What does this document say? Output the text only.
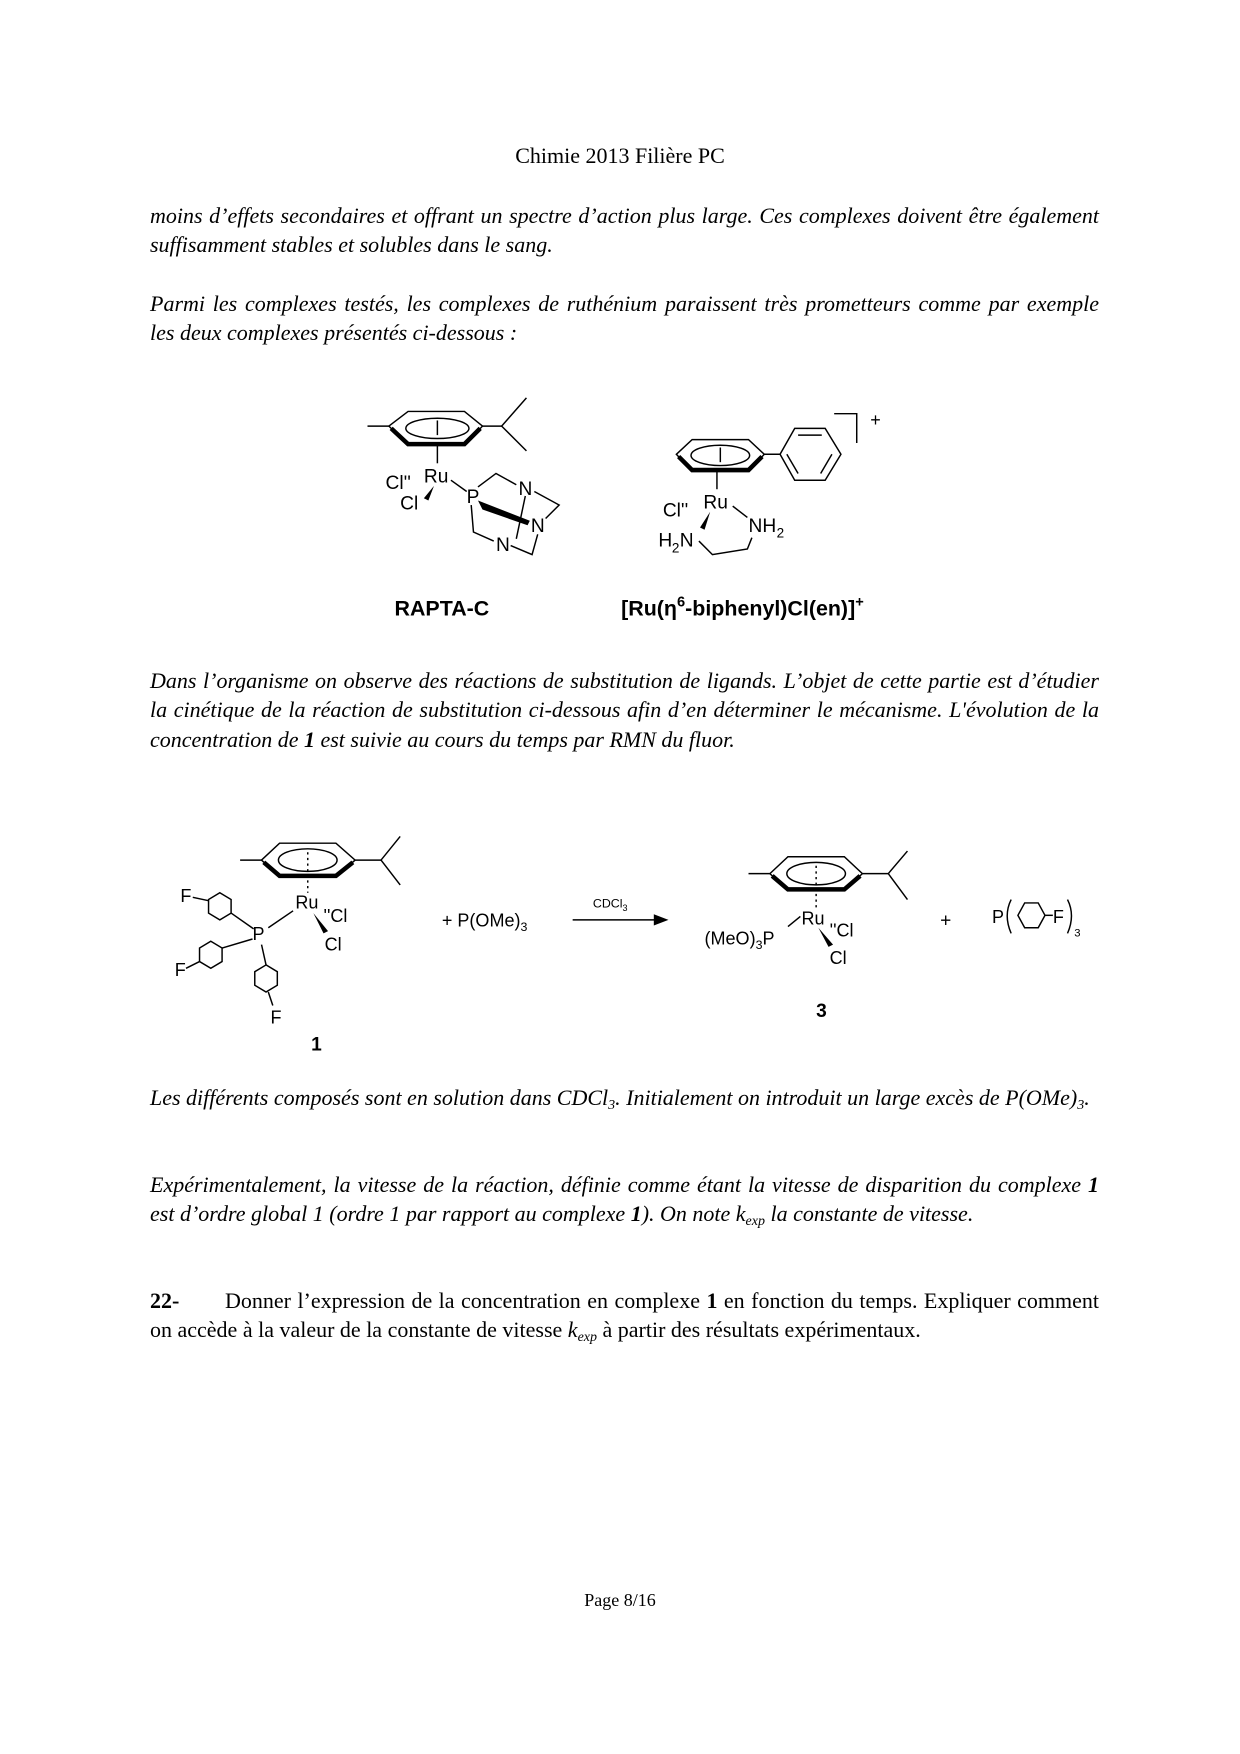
Chimie 2013 Filière PC
moins d’effets secondaires et offrant un spectre d’action plus large. Ces complexes doivent être également suffisamment stables et solubles dans le sang.
Parmi les complexes testés, les complexes de ruthénium paraissent très prometteurs comme par exemple les deux complexes présentés ci-dessous :
Dans l’organisme on observe des réactions de substitution de ligands. L’objet de cette partie est d’étudier la cinétique de la réaction de substitution ci-dessous afin d’en déterminer le mécanisme. L'évolution de la concentration de 1 est suivie au cours du temps par RMN du fluor.
Les différents composés sont en solution dans CDCl$_3$. Initialement on introduit un large excès de $P(OMe)_3$.
Expérimentalement, la vitesse de la réaction, définie comme étant la vitesse de disparition du complexe 1 est d’ordre global 1 (ordre 1 par rapport au complexe 1). On note $k_{exp}$ la constante de vitesse.
22- Donner l’expression de la concentration en complexe 1 en fonction du temps. Expliquer comment on accède à la valeur de la constante de vitesse $k_{exp}$ à partir des résultats expérimentaux.
Ru
Cl''
Cl	P N
N
N
RAPTA-C
+
Ru
Cl''
NH 2
H 2 N
$[Ru(\eta^6-biphenyl)Cl(en)]^+$
Ru
''Cl
Cl
P
F
F
F
1
+ $P(OMe)_3$
CDCl$_3$
Ru
''Cl
Cl
$(MeO)_3P$
3
+	P	F
3
Page 8/16
